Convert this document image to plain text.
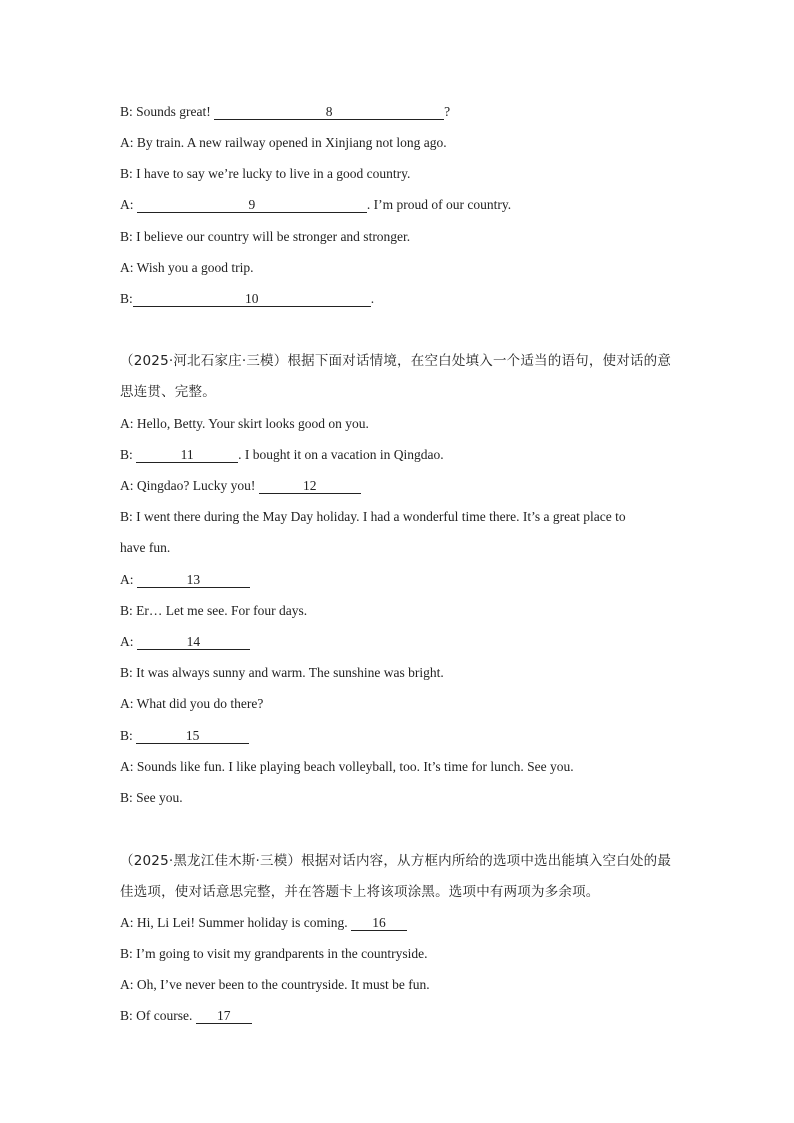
B: Sounds great!	8	?
A: By train. A new railway opened in Xinjiang not long ago.
B: I have to say we’re lucky to live in a good country.
A:	9	. I’m proud of our country.
B: I believe our country will be stronger and stronger.
A: Wish you a good trip.
B:	10	.
（2025·河北石家庄·三模）根据下面对话情境，在空白处填入一个适当的语句，使对话的意
思连贯、完整。
A: Hello, Betty. Your skirt looks good on you.
B:	11	. I bought it on a vacation in Qingdao.
A: Qingdao? Lucky you!	12
B: I went there during the May Day holiday. I had a wonderful time there. It’s a great place to
have fun.
A:	13
B: Er… Let me see. For four days.
A:	14
B: It was always sunny and warm. The sunshine was bright.
A: What did you do there?
B:	15
A: Sounds like fun. I like playing beach volleyball, too. It’s time for lunch. See you.
B: See you.
（2025·黑龙江佳木斯·三模）根据对话内容，从方框内所给的选项中选出能填入空白处的最
佳选项，使对话意思完整，并在答题卡上将该项涂黑。选项中有两项为多余项。
A: Hi, Li Lei! Summer holiday is coming. 16
B: I’m going to visit my grandparents in the countryside.
A: Oh, I’ve never been to the countryside. It must be fun.
B: Of course. 17
